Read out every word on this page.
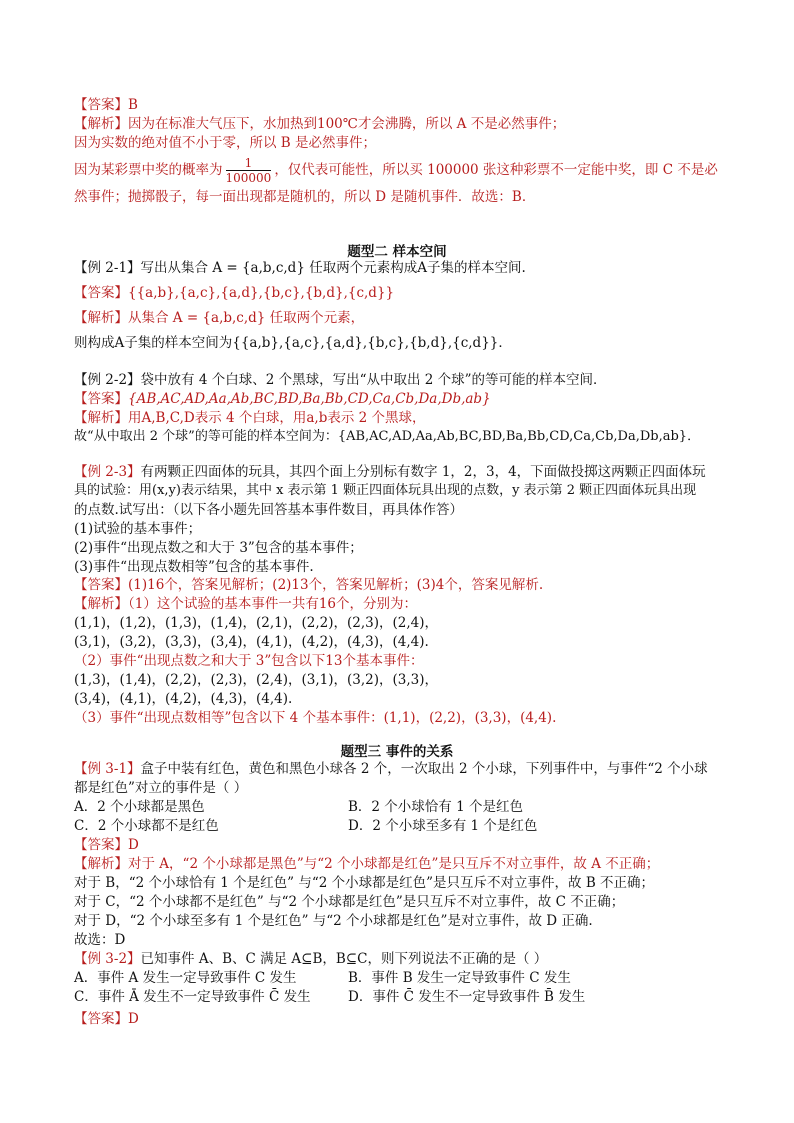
【答案】B
【解析】因为在标准大气压下，水加热到100℃才会沸腾，所以 A 不是必然事件；
因为实数的绝对值不小于零，所以 B 是必然事件；
因为某彩票中奖的概率为 $\frac{1}{100000}$ ，仅代表可能性，所以买 100000 张这种彩票不一定能中奖，即 C 不是必
然事件；抛掷骰子，每一面出现都是随机的，所以 D 是随机事件．故选：B．
题型二 样本空间
【例 2-1】写出从集合 A = {a,b,c,d} 任取两个元素构成A子集的样本空间.
【答案】{{a,b},{a,c},{a,d},{b,c},{b,d},{c,d}}
【解析】从集合 A = {a,b,c,d} 任取两个元素，
则构成A子集的样本空间为{{a,b},{a,c},{a,d},{b,c},{b,d},{c,d}}．
【例 2-2】袋中放有 4 个白球、2 个黑球，写出“从中取出 2 个球”的等可能的样本空间．
【答案】{AB,AC,AD,Aa,Ab,BC,BD,Ba,Bb,CD,Ca,Cb,Da,Db,ab}
【解析】用A,B,C,D表示 4 个白球，用a,b表示 2 个黑球，
故“从中取出 2 个球”的等可能的样本空间为：{AB,AC,AD,Aa,Ab,BC,BD,Ba,Bb,CD,Ca,Cb,Da,Db,ab}．
【例 2-3】有两颗正四面体的玩具，其四个面上分别标有数字 1，2，3，4，下面做投掷这两颗正四面体玩
具的试验：用(x,y)表示结果，其中 x 表示第 1 颗正四面体玩具出现的点数，y 表示第 2 颗正四面体玩具出现
的点数.试写出：（以下各小题先回答基本事件数目，再具体作答）
(1)试验的基本事件；
(2)事件“出现点数之和大于 3”包含的基本事件；
(3)事件“出现点数相等”包含的基本事件.
【答案】(1)16个，答案见解析；(2)13个，答案见解析；(3)4个，答案见解析.
【解析】（1）这个试验的基本事件一共有16个，分别为：
(1,1)，(1,2)，(1,3)，(1,4)，(2,1)，(2,2)，(2,3)，(2,4)，
(3,1)，(3,2)，(3,3)，(3,4)，(4,1)，(4,2)，(4,3)，(4,4).
（2）事件“出现点数之和大于 3”包含以下13个基本事件：
(1,3)，(1,4)，(2,2)，(2,3)，(2,4)，(3,1)，(3,2)，(3,3)，
(3,4)，(4,1)，(4,2)，(4,3)，(4,4).
（3）事件“出现点数相等”包含以下 4 个基本事件：(1,1)，(2,2)，(3,3)，(4,4).
题型三 事件的关系
【例 3-1】盒子中装有红色，黄色和黑色小球各 2 个，一次取出 2 个小球，下列事件中，与事件“2 个小球
都是红色”对立的事件是（ ）
A．2 个小球都是黑色	B．2 个小球恰有 1 个是红色
C．2 个小球都不是红色	D．2 个小球至多有 1 个是红色
【答案】D
【解析】对于 A，“2 个小球都是黑色”与“2 个小球都是红色”是只互斥不对立事件，故 A 不正确；
对于 B，“2 个小球恰有 1 个是红色” 与“2 个小球都是红色”是只互斥不对立事件，故 B 不正确；
对于 C，“2 个小球都不是红色” 与“2 个小球都是红色”是只互斥不对立事件，故 C 不正确；
对于 D，“2 个小球至多有 1 个是红色” 与“2 个小球都是红色”是对立事件，故 D 正确.
故选：D
【例 3-2】已知事件 A、B、C 满足 A⊆B，B⊆C，则下列说法不正确的是（ ）
A．事件 A 发生一定导致事件 C 发生	B．事件 B 发生一定导致事件 C 发生
C．事件 Ā 发生不一定导致事件 C̄ 发生	D．事件 C̄ 发生不一定导致事件 B̄ 发生
【答案】D
